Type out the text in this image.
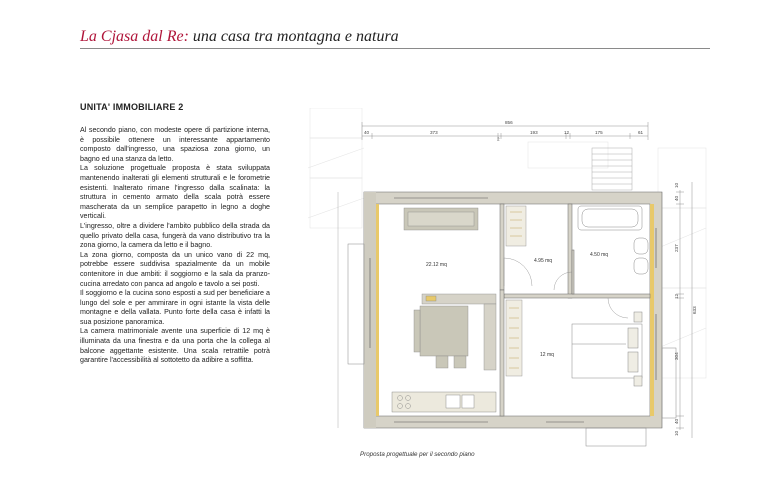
La Cjasa dal Re: una casa tra montagna e natura
UNITA' IMMOBILIARE 2

Al secondo piano, con modeste opere di partizione interna, è possibile ottenere un interessante appartamento composto dall'ingresso, una spaziosa zona giorno, un bagno ed una stanza da letto.

La soluzione progettuale proposta è stata sviluppata mantenendo inalterati gli elementi strutturali e le forometrie esistenti. Inalterato rimane l'ingresso dalla scalinata: la struttura in cemento armato della scala potrà essere mascherata da un semplice parapetto in legno a doghe verticali.

L'ingresso, oltre a dividere l'ambito pubblico della strada da quello privato della casa, fungerà da vano distributivo tra la zona giorno, la camera da letto e il bagno.

La zona giorno, composta da un unico vano di 22 mq, potrebbe essere suddivisa spazialmente da un mobile contenitore in due ambiti: il soggiorno e la sala da pranzo-cucina arredato con panca ad angolo e tavolo a sei posti.

Il soggiorno e la cucina sono esposti a sud per beneficiare a lungo del sole e per ammirare in ogni istante la vista delle montagne e della vallata. Punto forte della casa è infatti la sua posizione panoramica.

La camera matrimoniale avente una superficie di 12 mq è illuminata da una finestra e da una porta che la collega al balcone aggettante esistente. Una scala retrattile potrà garantire l'accessibilità al sottotetto da adibire a soffitta.

856
40	373
2
193	12	175	61
4.50 mq
4.95 mq
22.12 mq
12 mq
10
40
237
12
304
40
10
633
Proposta progettuale per il secondo piano
